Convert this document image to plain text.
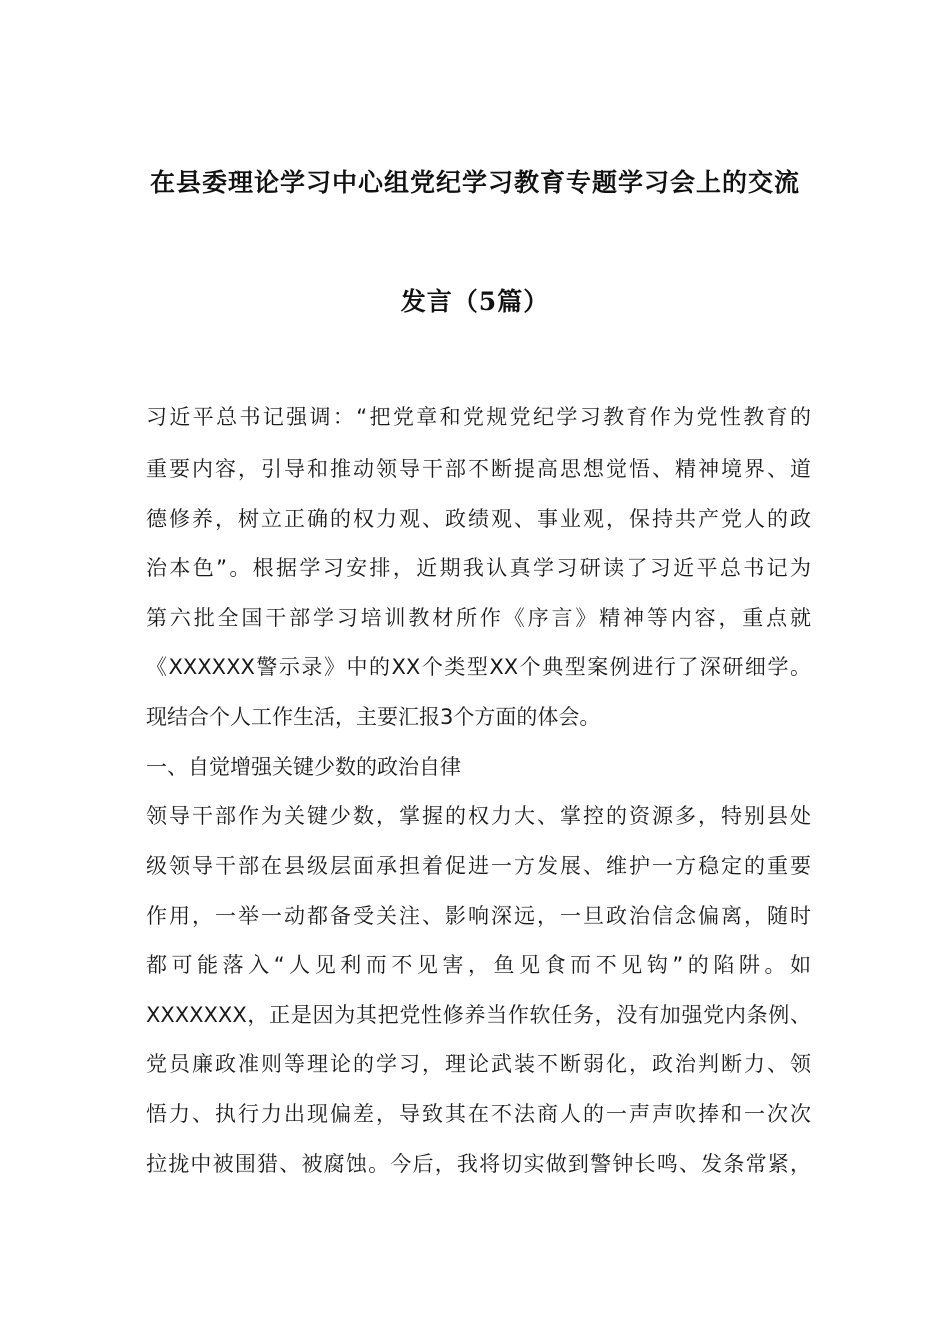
在县委理论学习中心组党纪学习教育专题学习会上的交流
发言（5篇）
习近平总书记强调：“把党章和党规党纪学习教育作为党性教育的
重要内容，引导和推动领导干部不断提高思想觉悟、精神境界、道
德修养，树立正确的权力观、政绩观、事业观，保持共产党人的政
治本色”。根据学习安排，近期我认真学习研读了习近平总书记为
第六批全国干部学习培训教材所作《序言》精神等内容，重点就
《XXXXXX警示录》中的XX个类型XX个典型案例进行了深研细学。
现结合个人工作生活，主要汇报3个方面的体会。
一、自觉增强关键少数的政治自律
领导干部作为关键少数，掌握的权力大、掌控的资源多，特别县处
级领导干部在县级层面承担着促进一方发展、维护一方稳定的重要
作用，一举一动都备受关注、影响深远，一旦政治信念偏离，随时
都可能落入“人见利而不见害，鱼见食而不见钩”的陷阱。如
XXXXXXX，正是因为其把党性修养当作软任务，没有加强党内条例、
党员廉政准则等理论的学习，理论武装不断弱化，政治判断力、领
悟力、执行力出现偏差，导致其在不法商人的一声声吹捧和一次次
拉拢中被围猎、被腐蚀。今后，我将切实做到警钟长鸣、发条常紧，
